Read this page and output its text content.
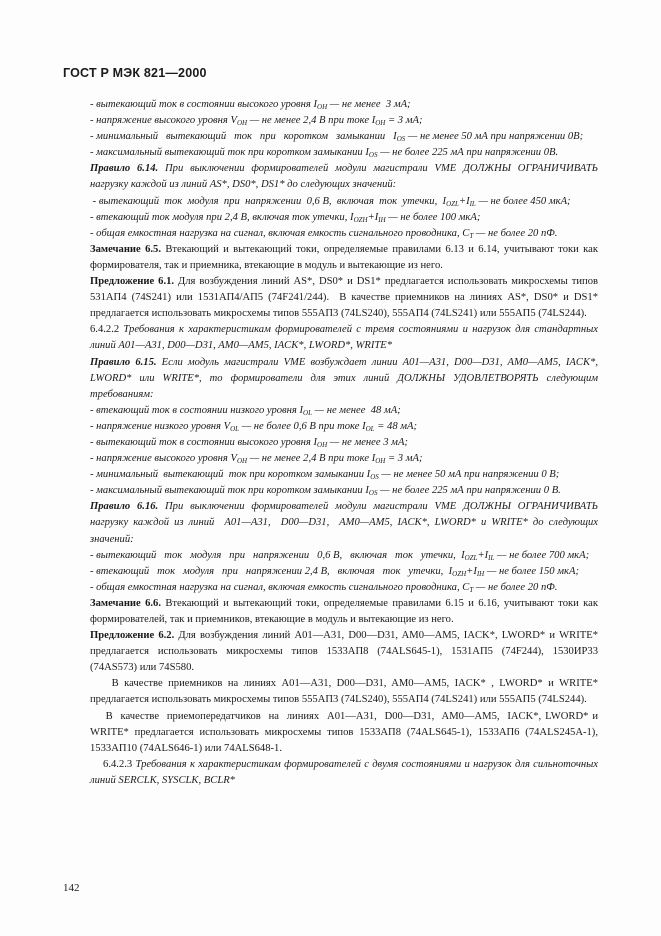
ГОСТ Р МЭК 821—2000

- вытекающий ток в состоянии высокого уровня $I_{OH}$ — не менее  3 мА;

- напряжение высокого уровня $V_{OH}$ — не менее 2,4 В при токе $I_{OH} = 3$ мА;

- минимальный   вытекающий   ток   при   коротком   замыкании   $I_{OS}$ — не менее 50 мА при напряжении 0В;

- максимальный вытекающий ток при коротком замыкании $I_{OS}$ — не более 225 мА при напряжении 0В.

Правило 6.14. При выключении формирователей модули магистрали VME ДОЛЖНЫ ОГРАНИЧИВАТЬ нагрузку каждой из линий AS*, DS0*, DS1* до следующих значений:

- вытекающий  ток  модуля  при  напряжении  0,6 В,  включая  ток  утечки,  $I_{OZL}+I_{IL}$ — не более 450 мкА;

- втекающий ток модуля при 2,4 В, включая ток утечки, $I_{OZH}+I_{IH}$ — не более 100 мкА;

- общая емкостная нагрузка на сигнал, включая емкость сигнального проводника, $C_T$ — не более 20 пФ.

Замечание 6.5. Втекающий и вытекающий токи, определяемые правилами 6.13 и 6.14, учитывают токи как формирователя, так и приемника, втекающие в модуль и вытекающие из него.

Предложение 6.1. Для возбуждения линий AS*, DS0* и DS1* предлагается использовать микросхемы типов 531АП4 (74S241) или 1531АП4/АП5 (74F241/244).  В качестве приемников на линиях AS*, DS0* и DS1* предлагается использовать микросхемы типов 555АП3 (74LS240), 555АП4 (74LS241) или 555АП5 (74LS244).

6.4.2.2 Требования к характеристикам формирователей с тремя состояниями и нагрузок для стандартных линий A01—A31, D00—D31, AM0—AM5, IACK*, LWORD*, WRITE*

Правило 6.15. Если модуль магистрали VME возбуждает линии A01—A31, D00—D31, AM0—AM5, IACK*, LWORD* или WRITE*, то формирователи для этих линий ДОЛЖНЫ УДОВЛЕТВОРЯТЬ следующим требованиям:

- втекающий ток в состоянии низкого уровня $I_{OL}$ — не менее  48 мА;

- напряжение низкого уровня $V_{OL}$ — не более 0,6 В при токе $I_{OL} = 48$ мА;

- вытекающий ток в состоянии высокого уровня $I_{OH}$ — не менее 3 мА;

- напряжение высокого уровня $V_{OH}$ — не менее 2,4 В при токе $I_{OH} = 3$ мА;

- минимальный  вытекающий  ток при коротком замыкании $I_{OS}$ — не менее 50 мА при напряжении 0 В;

- максимальный вытекающий ток при коротком замыкании $I_{OS}$ — не более 225 мА при напряжении 0 В.

Правило 6.16. При выключении формирователей модули магистрали VME ДОЛЖНЫ ОГРАНИЧИВАТЬ нагрузку каждой из линий  A01—A31,  D00—D31,  AM0—AM5, IACK*, LWORD* и WRITE* до следующих значений:

- вытекающий   ток   модуля   при   напряжении   0,6 В,   включая   ток   утечки,  $I_{OZL}+I_{IL}$ — не более 700 мкА;

- втекающий   ток   модуля   при   напряжении 2,4 В,   включая   ток   утечки,  $I_{OZH}+I_{IH}$ — не более 150 мкА;

- общая емкостная нагрузка на сигнал, включая емкость сигнального проводника, $C_T$ — не более 20 пФ.

Замечание 6.6. Втекающий и вытекающий токи, определяемые правилами 6.15 и 6.16, учитывают токи как формирователей, так и приемников, втекающие в модуль и вытекающие из него.

Предложение 6.2. Для возбуждения линий A01—A31, D00—D31, AM0—AM5, IACK*, LWORD* и WRITE* предлагается использовать микросхемы типов 1533АП8 (74ALS645-1), 1531АП5 (74F244), 1530ИР33 (74AS573) или 74S580.

В качестве приемников на линиях A01—A31, D00—D31, AM0—AM5, IACK* , LWORD* и WRITE* предлагается использовать микросхемы типов 555АП3 (74LS240), 555АП4 (74LS241) или 555АП5 (74LS244).

В  качестве  приемопередатчиков  на  линиях  A01—A31,  D00—D31,  AM0—AM5,  IACK*, LWORD* и WRITE* предлагается использовать микросхемы типов 1533АП8 (74ALS645-1), 1533АП6 (74ALS245А-1), 1533АП10 (74ALS646-1) или 74ALS648-1.

6.4.2.3 Требования к характеристикам формирователей с двумя состояниями и нагрузок для сильноточных линий SERCLK, SYSCLK, BCLR*

142
